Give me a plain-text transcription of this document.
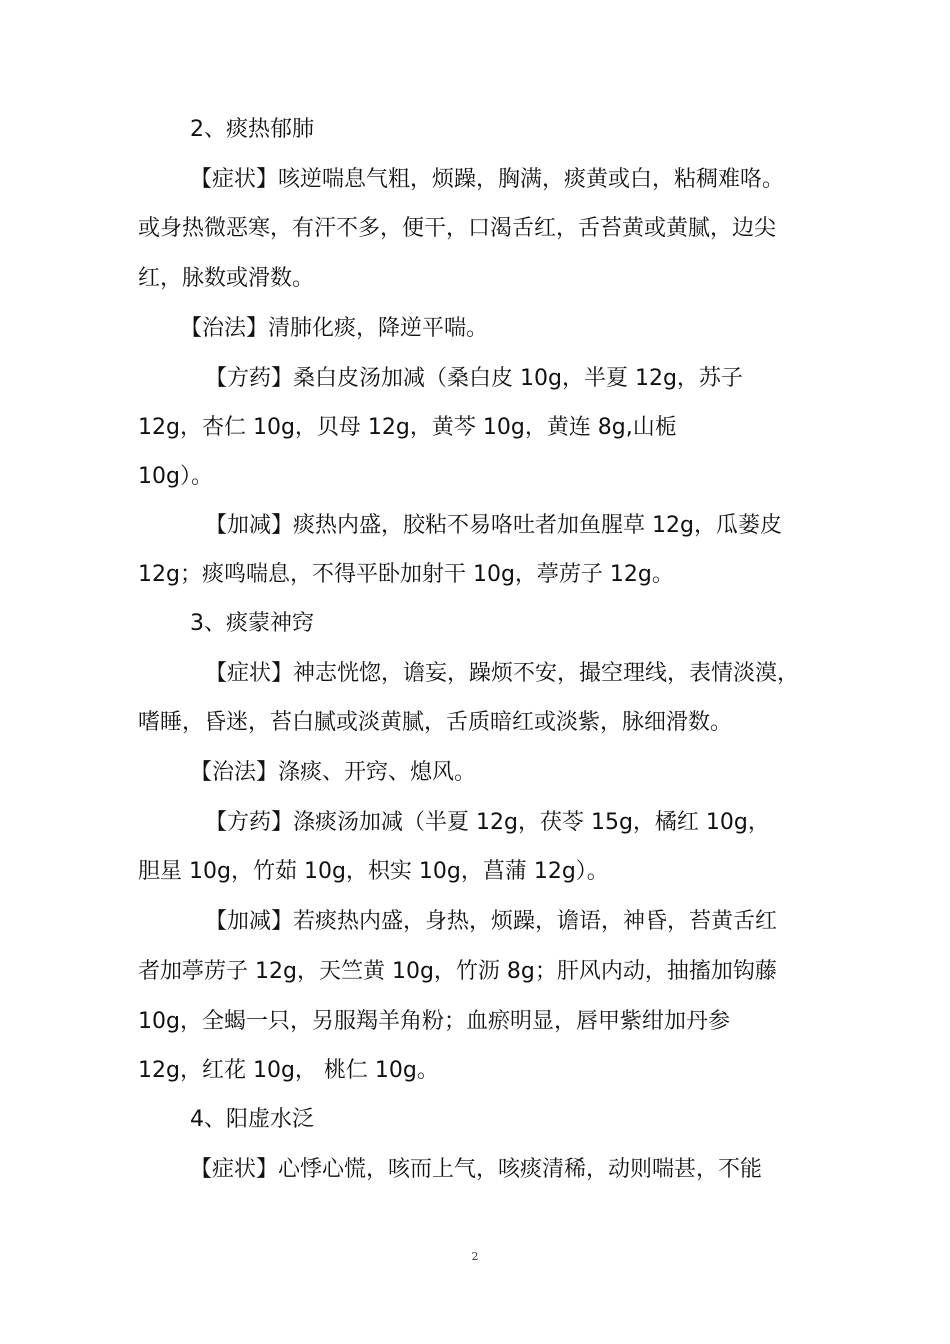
2、痰热郁肺
【症状】咳逆喘息气粗，烦躁，胸满，痰黄或白，粘稠难咯。
或身热微恶寒，有汗不多，便干，口渴舌红，舌苔黄或黄腻，边尖
红，脉数或滑数。
【治法】清肺化痰，降逆平喘。
【方药】桑白皮汤加减（桑白皮 10g，半夏 12g，苏子
12g，杏仁 10g，贝母 12g，黄芩 10g，黄连 8g,山栀
10g）。
【加减】痰热内盛，胶粘不易咯吐者加鱼腥草 12g，瓜蒌皮
12g；痰鸣喘息，不得平卧加射干 10g，葶苈子 12g。
3、痰蒙神窍
【症状】神志恍惚，谵妄，躁烦不安，撮空理线，表情淡漠，
嗜睡，昏迷，苔白腻或淡黄腻，舌质暗红或淡紫，脉细滑数。
【治法】涤痰、开窍、熄风。
【方药】涤痰汤加减（半夏 12g，茯苓 15g，橘红 10g，
胆星 10g，竹茹 10g，枳实 10g，菖蒲 12g）。
【加减】若痰热内盛，身热，烦躁，谵语，神昏，苔黄舌红
者加葶苈子 12g，天竺黄 10g，竹沥 8g；肝风内动，抽搐加钩藤
10g，全蝎一只，另服羯羊角粉；血瘀明显，唇甲紫绀加丹参
12g，红花 10g， 桃仁 10g。
4、阳虚水泛
【症状】心悸心慌，咳而上气，咳痰清稀，动则喘甚，不能
2
